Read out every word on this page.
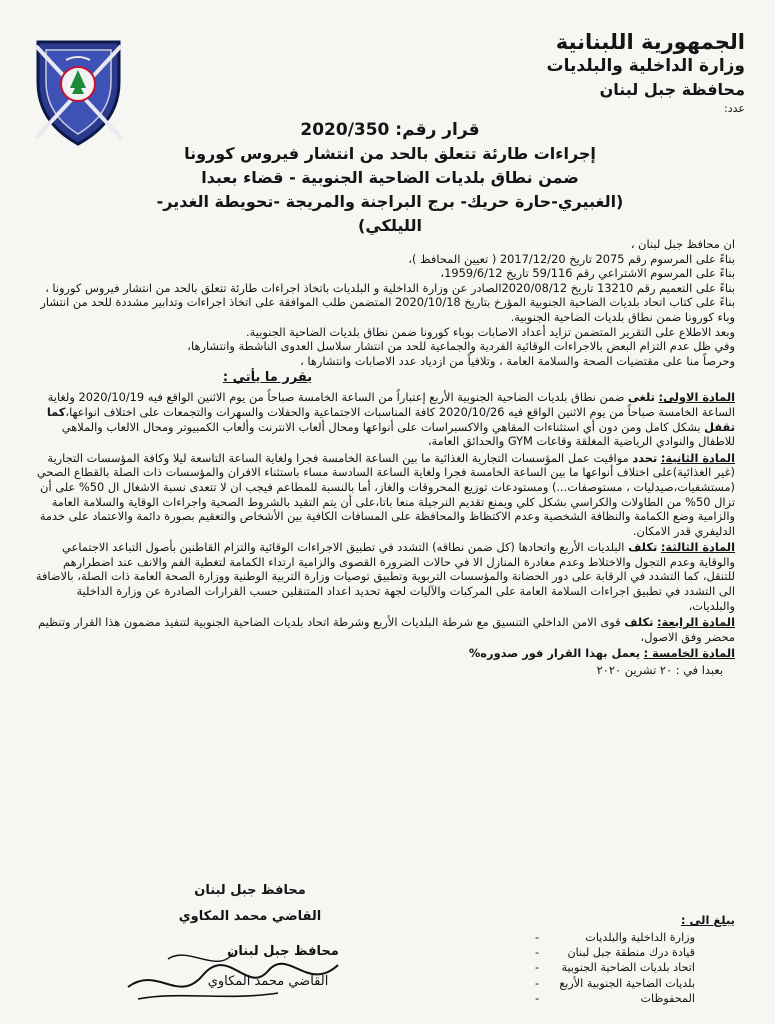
الجمهورية اللبنانية
وزارة الداخلية والبلديات
محافظة جبل لبنان
عدد:
قرار رقم: 2020/350
إجراءات طارئة تتعلق بالحد من انتشار فيروس كورونا
ضمن نطاق بلديات الضاحية الجنوبية - قضاء بعبدا
(الغبيري-حارة حريك- برج البراجنة والمريجة -تحويطة الغدير- الليلكي)

ان محافظ جبل لبنان ،

بناءً على المرسوم رقم 2075 تاريخ 2017/12/20 ( تعيين المحافظ )،

بناءً على المرسوم الاشتراعي رقم 59/116 تاريخ 1959/6/12،

بناءً على التعميم رقم 13210 تاريخ 2020/08/12الصادر عن وزارة الداخلية و البلديات باتخاذ اجراءات طارئة تتعلق بالحد من انتشار فيروس كورونا ،

بناءً على كتاب اتحاد بلديات الضاحية الجنوبية المؤرخ بتاريخ 2020/10/18 المتضمن طلب الموافقة على اتخاذ اجراءات وتدابير مشددة للحد من انتشار وباء كورونا ضمن نطاق بلديات الضاحية الجنوبية.

وبعد الاطلاع على التقرير المتضمن تزايد أعداد الاصابات بوباء كورونا ضمن نطاق بلديات الضاحية الجنوبية.

وفي ظل عدم التزام البعض بالاجراءات الوقائية الفردية والجماعية للحد من انتشار سلاسل العدوى الناشطة وانتشارها،

وحرصاً منا على مقتضيات الصحة والسلامة العامة ، وتلافياً من ازدياد عدد الاصابات وانتشارها ،

يقرر ما يأتي :

المادة الاولى: تلغى ضمن نطاق بلديات الضاحية الجنوبية الأربع إعتباراً من الساعة الخامسة صباحاً من يوم الاثنين الواقع فيه 2020/10/19 ولغاية الساعة الخامسة صباحاً من يوم الاثنين الواقع فيه 2020/10/26 كافة المناسبات الاجتماعية والحفلات والسهرات والتجمعات على اختلاف انواعها،كما تقفل بشكل كامل ومن دون أي استثناءات المقاهي والاكسبراسات على أنواعها ومحال ألعاب الانترنت وألعاب الكمبيوتر ومحال الالعاب والملاهي للاطفال والنوادي الرياضية المغلقة وقاعات GYM والحدائق العامة،

المادة الثانية: تحدد مواقيت عمل المؤسسات التجارية الغذائية ما بين الساعة الخامسة فجرا ولغاية الساعة التاسعة ليلا وكافة المؤسسات التجارية (غير الغذائية)على اختلاف أنواعها ما بين الساعة الخامسة فجرا ولغاية الساعة السادسة مساء باستثناء الافران والمؤسسات ذات الصلة بالقطاع الصحي (مستشفيات،صيدليات ، مستوصفات...) ومستودعات توزيع المحروقات والغاز، أما بالنسبة للمطاعم فيجب ان لا تتعدى نسبة الاشغال ال 50% على أن تزال 50% من الطاولات والكراسي بشكل كلي ويمنع تقديم النرجيلة منعا باتا،على أن يتم التقيد بالشروط الصحية واجراءات الوقاية والسلامة العامة والزامية وضع الكمامة والنظافة الشخصية وعدم الاكتظاظ والمحافظة على المسافات الكافية بين الأشخاص والتعقيم بصورة دائمة والاعتماد على خدمة الدليفري قدر الامكان.

المادة الثالثة: تكلف البلديات الأربع واتحادها (كل ضمن نطاقه) التشدد في تطبيق الاجراءات الوقائية والتزام القاطنين بأصول التباعد الاجتماعي والوقاية وعدم التجول والاختلاط وعدم مغادرة المنازل الا في حالات الضرورة القصوى والزامية ارتداء الكمامة لتغطية الفم والانف عند اضطرارهم للتنقل، كما التشدد في الرقابة على دور الحضانة والمؤسسات التربوية وتطبيق توصيات وزارة التربية الوطنية ووزارة الصحة العامة ذات الصلة، بالاضافة الى التشدد في تطبيق اجراءات السلامة العامة على المركبات والآليات لجهة تحديد اعداد المتنقلين حسب القرارات الصادرة عن وزارة الداخلية والبلديات،

المادة الرابعة: تكلف قوى الامن الداخلي التنسيق مع شرطة البلديات الأربع وشرطة اتحاد بلديات الضاحية الجنوبية لتنفيذ مضمون هذا القرار وتنظيم محضر وفق الاصول،

المادة الخامسة : يعمل بهذا القرار فور صدوره%

بعبدا في : ٢٠ تشرين ٢٠٢٠
محافظ جبل لبنان
القاضي محمد المكاوي
محافظ جبل لبنان
القاضي محمد المكاوي
يبلغ الى :
وزارة الداخلية والبلديات -
قيادة درك منطقة جبل لبنان -
اتحاد بلديات الضاحية الجنوبية -
بلديات الضاحية الجنوبية الأربع -
المحفوظات -
